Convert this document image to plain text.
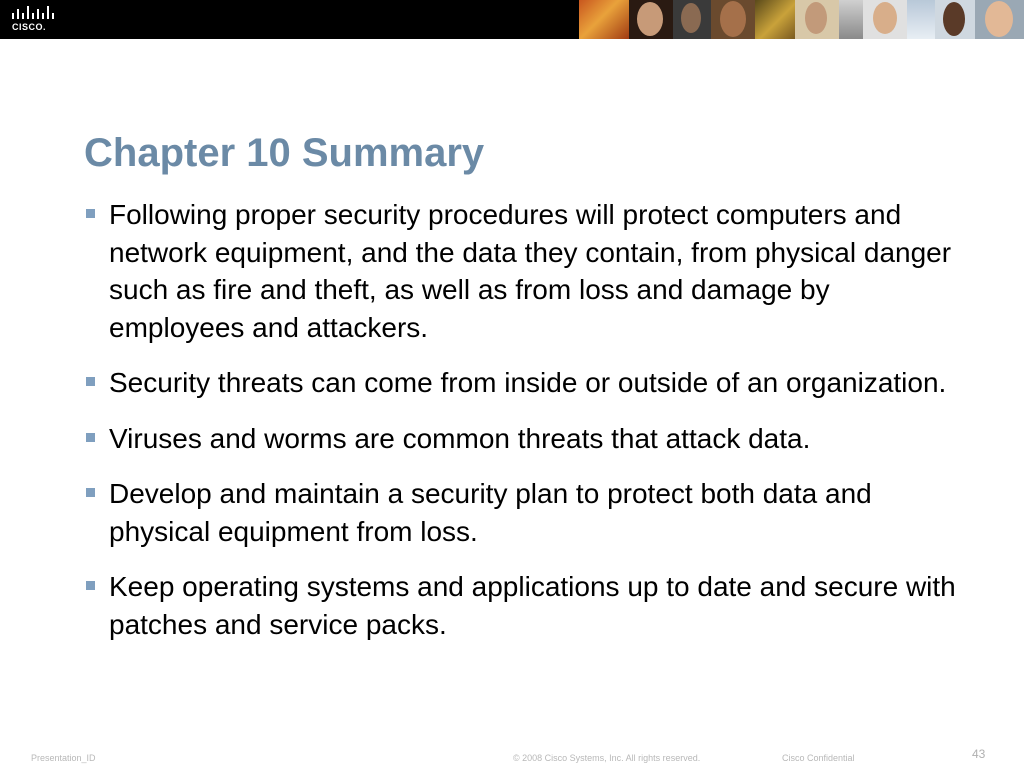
CISCO.
Chapter 10 Summary
Following proper security procedures will protect computers and network equipment, and the data they contain, from physical danger such as fire and theft, as well as from loss and damage by employees and attackers.
Security threats can come from inside or outside of an organization.
Viruses and worms are common threats that attack data.
Develop and maintain a security plan to protect both data and physical equipment from loss.
Keep operating systems and applications up to date and secure with patches and service packs.
Presentation_ID	© 2008 Cisco Systems, Inc. All rights reserved.	Cisco Confidential	43
